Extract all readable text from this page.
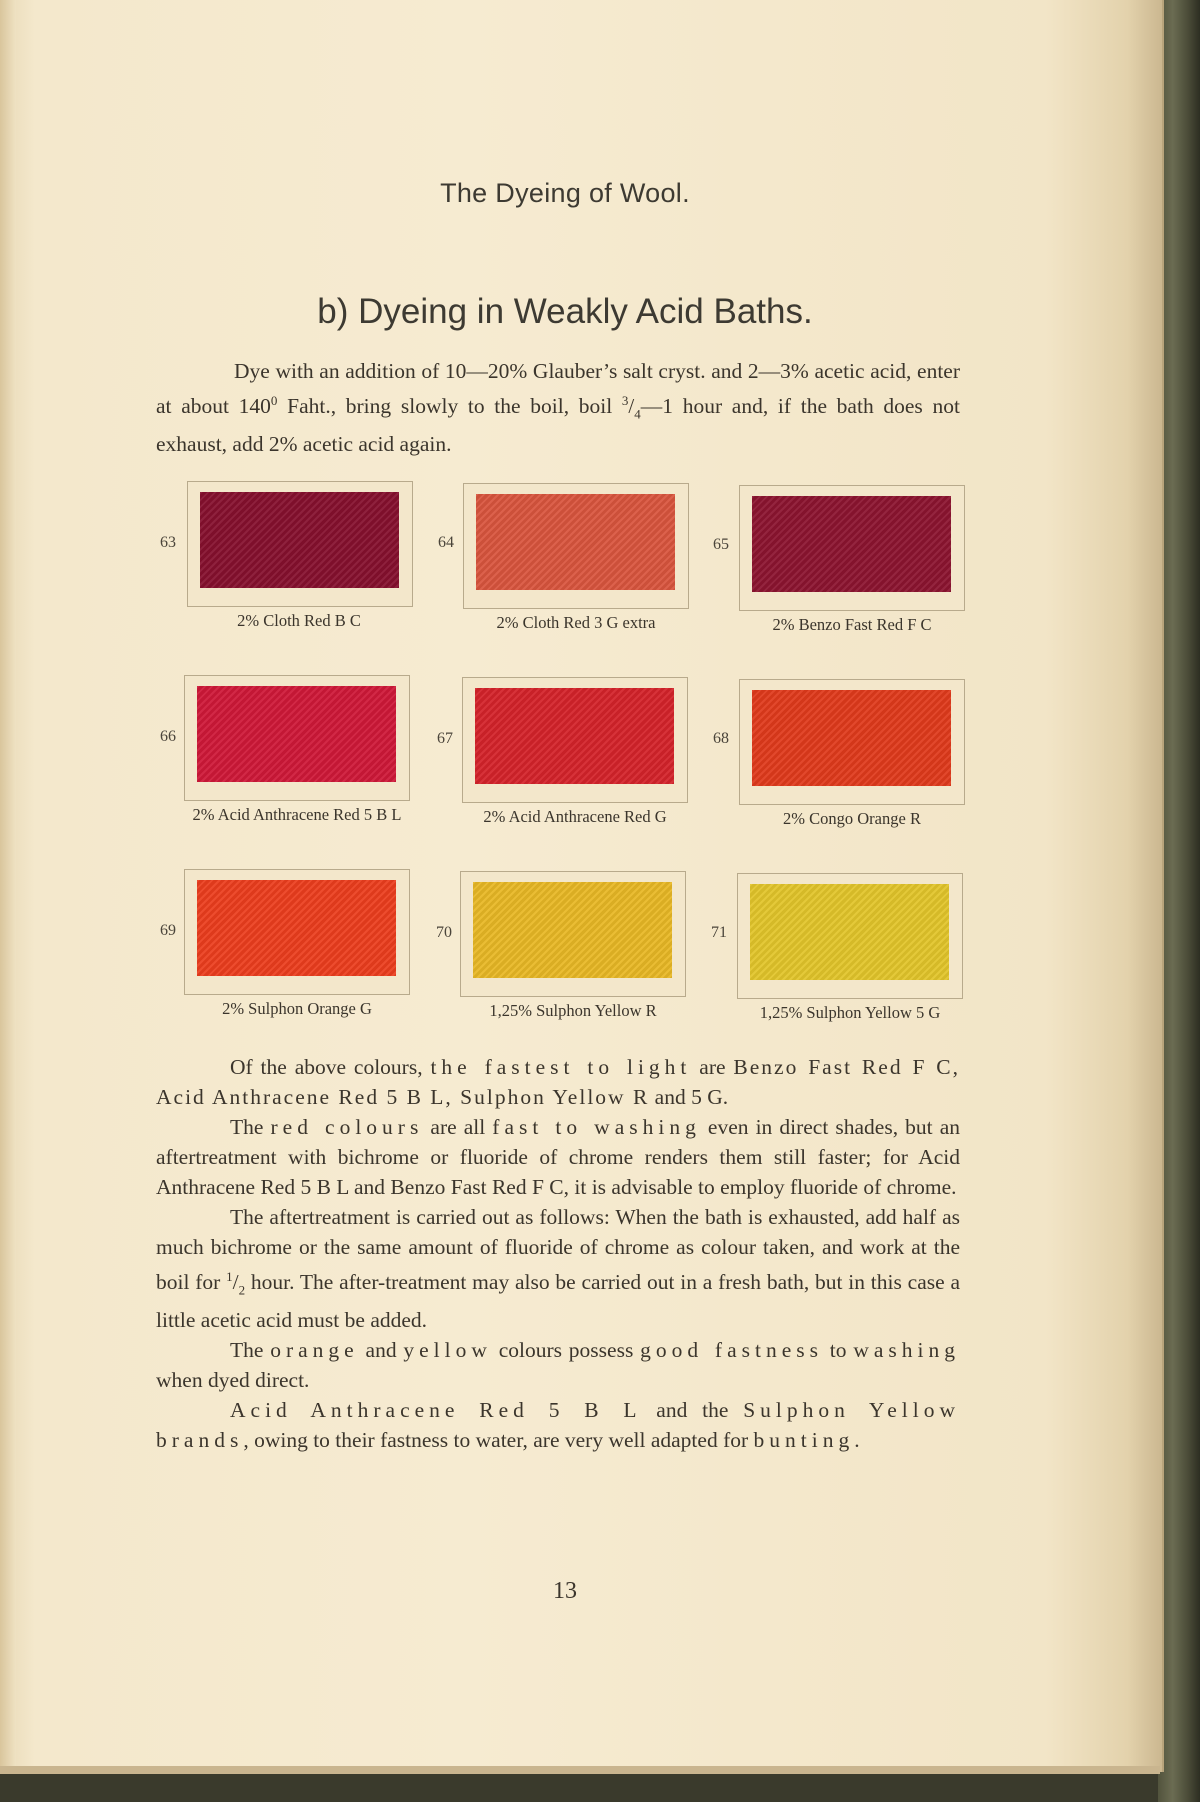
The Dyeing of Wool.
b) Dyeing in Weakly Acid Baths.
Dye with an addition of 10—20% Glauber’s salt cryst. and 2—3% acetic acid, enter at about $140^0$ Faht., bring slowly to the boil, boil $^3/_4—1$ hour and, if the bath does not exhaust, add 2% acetic acid again.
63
2% Cloth Red B C
64
2% Cloth Red 3 G extra
65
2% Benzo Fast Red F C
66
2% Acid Anthracene Red 5 B L
67
2% Acid Anthracene Red G
68
2% Congo Orange R
69
2% Sulphon Orange G
70
1,25% Sulphon Yellow R
71
1,25% Sulphon Yellow 5 G

Of the above colours, the fastest to light are Benzo Fast Red F C, Acid Anthracene Red 5 B L, Sulphon Yellow R and 5 G.

The red colours are all fast to washing even in direct shades, but an aftertreatment with bichrome or fluoride of chrome renders them still faster; for Acid Anthracene Red 5 B L and Benzo Fast Red F C, it is advisable to employ fluoride of chrome.

The aftertreatment is carried out as follows: When the bath is exhausted, add half as much bichrome or the same amount of fluoride of chrome as colour taken, and work at the boil for $^1/_2$ hour. The after-treatment may also be carried out in a fresh bath, but in this case a little acetic acid must be added.

The orange and yellow colours possess good fastness to washing when dyed direct.

Acid Anthracene Red 5 B L and the Sulphon Yellow brands, owing to their fastness to water, are very well adapted for bunting.

13
